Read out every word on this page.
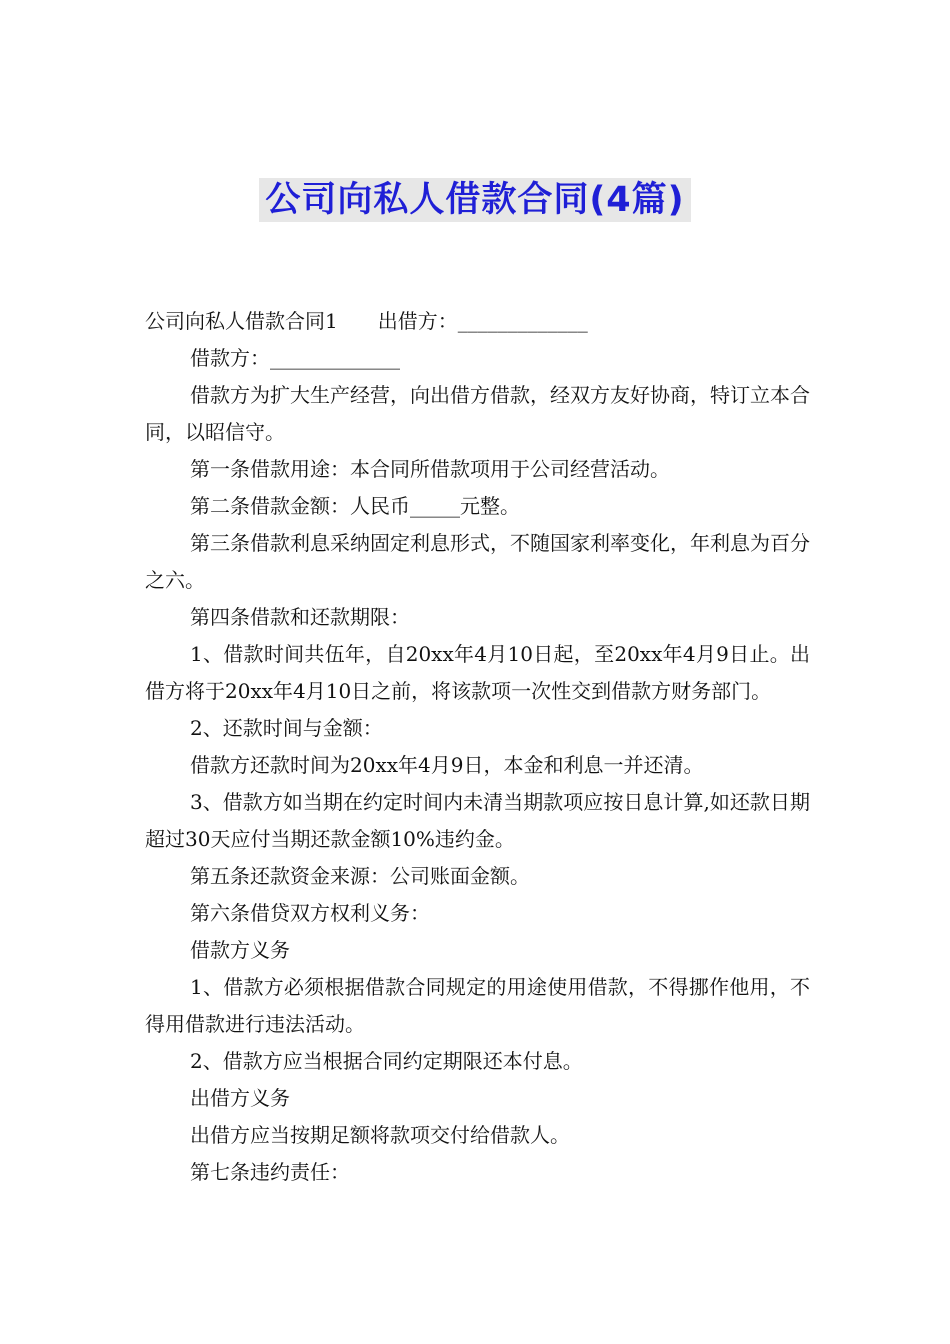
公司向私人借款合同(4篇)

公司向私人借款合同1 出借方：_____________

借款方：_____________

借款方为扩大生产经营，向出借方借款，经双方友好协商，特订立本合同，以昭信守。

第一条借款用途：本合同所借款项用于公司经营活动。

第二条借款金额：人民币_____元整。

第三条借款利息采纳固定利息形式，不随国家利率变化，年利息为百分之六。

第四条借款和还款期限：

1、借款时间共伍年，自20xx年4月10日起，至20xx年4月9日止。出借方将于20xx年4月10日之前，将该款项一次性交到借款方财务部门。

2、还款时间与金额：

借款方还款时间为20xx年4月9日，本金和利息一并还清。

3、借款方如当期在约定时间内未清当期款项应按日息计算,如还款日期超过30天应付当期还款金额10%违约金。

第五条还款资金来源：公司账面金额。

第六条借贷双方权利义务：

借款方义务

1、借款方必须根据借款合同规定的用途使用借款，不得挪作他用，不得用借款进行违法活动。

2、借款方应当根据合同约定期限还本付息。

出借方义务

出借方应当按期足额将款项交付给借款人。

第七条违约责任：
